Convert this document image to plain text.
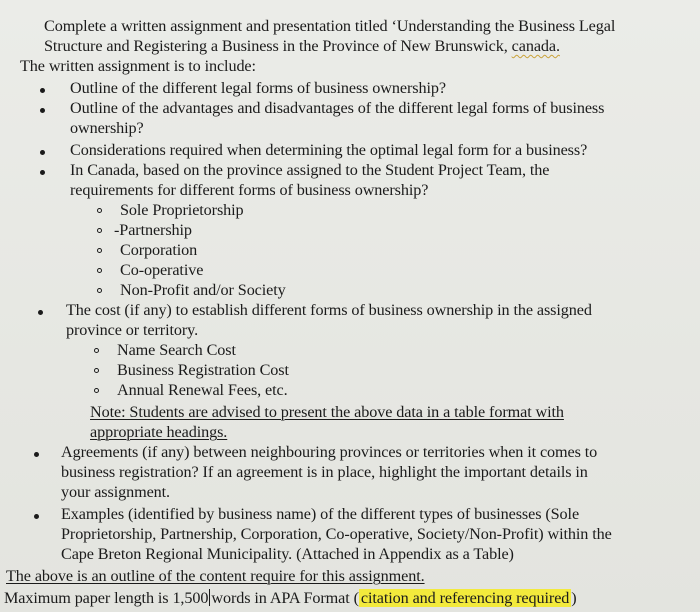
Complete a written assignment and presentation titled ‘Understanding the Business Legal
Structure and Registering a Business in the Province of New Brunswick, canada.
The written assignment is to include:
Outline of the different legal forms of business ownership?
Outline of the advantages and disadvantages of the different legal forms of business
ownership?
Considerations required when determining the optimal legal form for a business?
In Canada, based on the province assigned to the Student Project Team, the
requirements for different forms of business ownership?
Sole Proprietorship
-Partnership
Corporation
Co-operative
Non-Profit and/or Society
The cost (if any) to establish different forms of business ownership in the assigned
province or territory.
Name Search Cost
Business Registration Cost
Annual Renewal Fees, etc.
Note: Students are advised to present the above data in a table format with
appropriate headings.
Agreements (if any) between neighbouring provinces or territories when it comes to
business registration? If an agreement is in place, highlight the important details in
your assignment.
Examples (identified by business name) of the different types of businesses (Sole
Proprietorship, Partnership, Corporation, Co-operative, Society/Non-Profit) within the
Cape Breton Regional Municipality. (Attached in Appendix as a Table)
The above is an outline of the content require for this assignment.
Maximum paper length is 1,500 words in APA Format ( citation and referencing required )
